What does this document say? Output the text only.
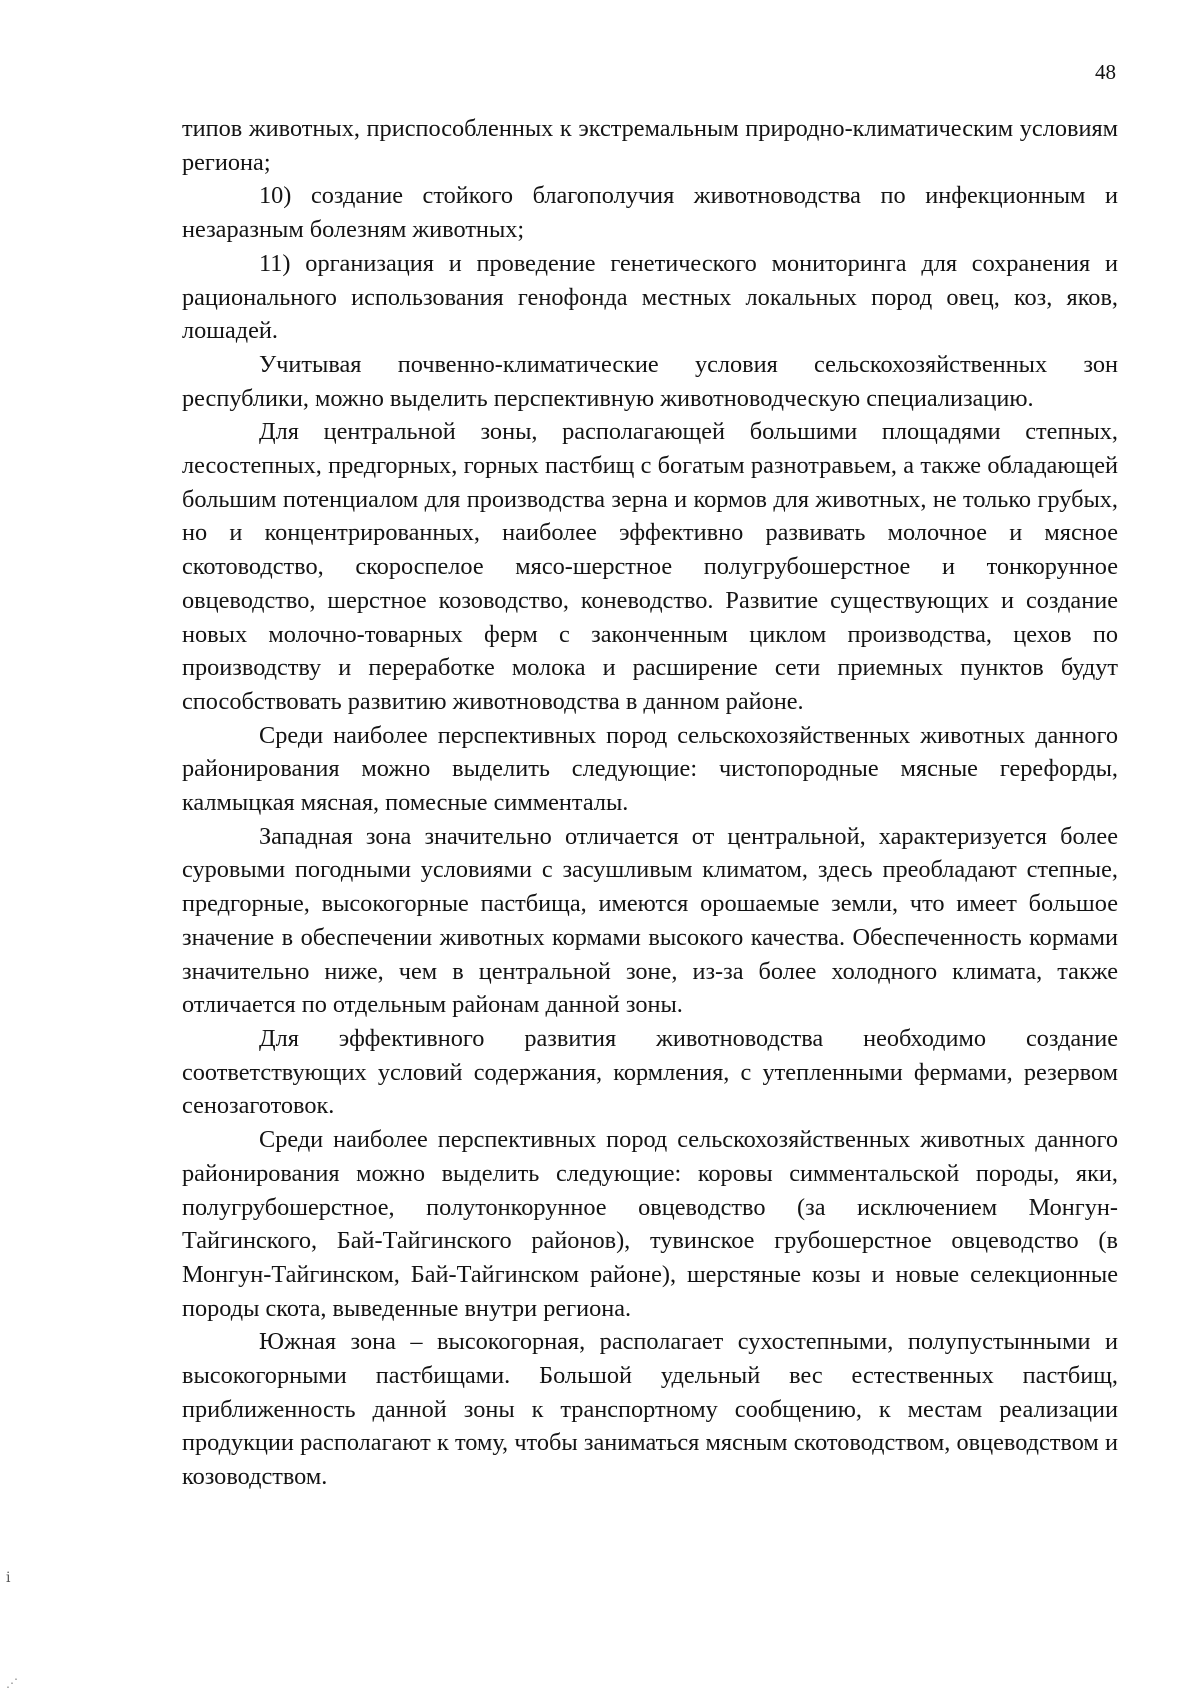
48

типов животных, приспособленных к экстремальным природно-климатическим условиям региона;

10) создание стойкого благополучия животноводства по инфекционным и незаразным болезням животных;

11) организация и проведение генетического мониторинга для сохранения и рационального использования генофонда местных локальных пород овец, коз, яков, лошадей.

Учитывая почвенно-климатические условия сельскохозяйственных зон республики, можно выделить перспективную животноводческую специализацию.

Для центральной зоны, располагающей большими площадями степных, лесостепных, предгорных, горных пастбищ с богатым разнотравьем, а также обладающей большим потенциалом для производства зерна и кормов для животных, не только грубых, но и концентрированных, наиболее эффективно развивать молочное и мясное скотоводство, скороспелое мясо-шерстное полугрубошерстное и тонкорунное овцеводство, шерстное козоводство, коневодство. Развитие существующих и создание новых молочно-товарных ферм с законченным циклом производства, цехов по производству и переработке молока и расширение сети приемных пунктов будут способствовать развитию животноводства в данном районе.

Среди наиболее перспективных пород сельскохозяйственных животных данного районирования можно выделить следующие: чистопородные мясные герефорды, калмыцкая мясная, помесные симменталы.

Западная зона значительно отличается от центральной, характеризуется более суровыми погодными условиями с засушливым климатом, здесь преобладают степные, предгорные, высокогорные пастбища, имеются орошаемые земли, что имеет большое значение в обеспечении животных кормами высокого качества. Обеспеченность кормами значительно ниже, чем в центральной зоне, из-за более холодного климата, также отличается по отдельным районам данной зоны.

Для эффективного развития животноводства необходимо создание соответствующих условий содержания, кормления, с утепленными фермами, резервом сенозаготовок.

Среди наиболее перспективных пород сельскохозяйственных животных данного районирования можно выделить следующие: коровы симментальской породы, яки, полугрубошерстное, полутонкорунное овцеводство (за исключением Монгун-Тайгинского, Бай-Тайгинского районов), тувинское грубошерстное овцеводство (в Монгун-Тайгинском, Бай-Тайгинском районе), шерстяные козы и новые селекционные породы скота, выведенные внутри региона.

Южная зона – высокогорная, располагает сухостепными, полупустынными и высокогорными пастбищами. Большой удельный вес естественных пастбищ, приближенность данной зоны к транспортному сообщению, к местам реализации продукции располагают к тому, чтобы заниматься мясным скотоводством, овцеводством и козоводством.

ⅰ
⋰
